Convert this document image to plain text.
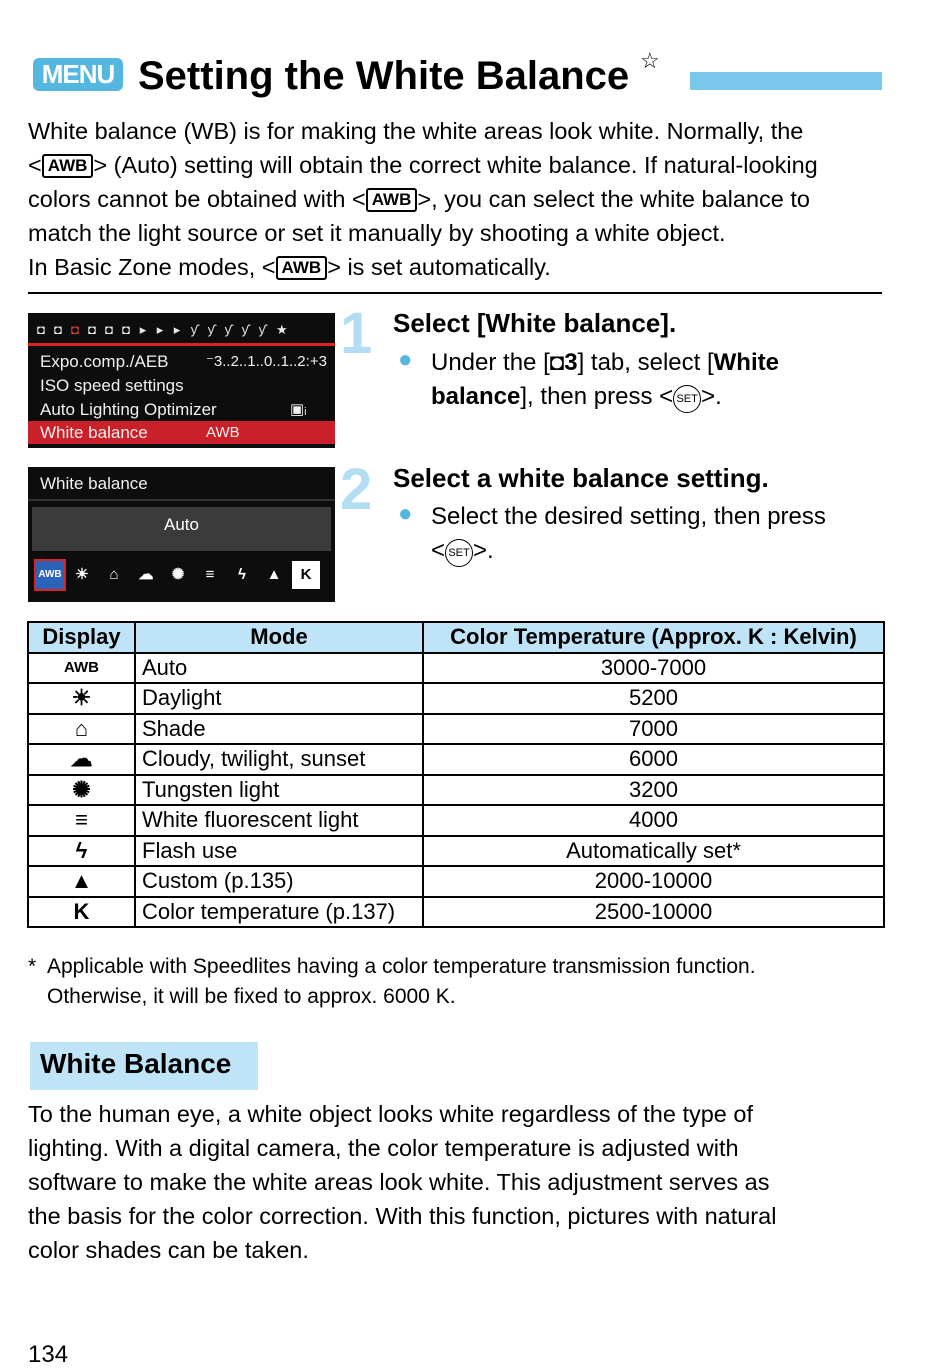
MENU Setting the White Balance ☆

White balance (WB) is for making the white areas look white. Normally, the

< AWB > (Auto) setting will obtain the correct white balance. If natural-looking

colors cannot be obtained with < AWB >, you can select the white balance to

match the light source or set it manually by shooting a white object.

In Basic Zone modes, < AWB > is set automatically.

◘ ◘ ◘ ◘ ◘ ◘ ▸ ▸ ▸ ƴ ƴ ƴ ƴ ƴ ★
Expo.comp./AEB ⁻3..2..1..0..1..2:+3
ISO speed settings
Auto Lighting Optimizer	▣ᵢ
White balance	AWB
White balance
Auto
AWB ☀	⌂	☁	✺	≡	ϟ	▲	K
1 Select [White balance].
● Under the [◘3] tab, select [White balance], then press < SET >.
2 Select a white balance setting.
● Select the desired setting, then press
< SET >.
Display	Mode	Color Temperature (Approx. K : Kelvin)
AWB	Auto	3000-7000
☀	Daylight	5200
⌂	Shade	7000
☁	Cloudy, twilight, sunset	6000
✺	Tungsten light	3200
≡	White fluorescent light	4000
ϟ	Flash use	Automatically set*
▲	Custom (p.135)	2000-10000
K	Color temperature (p.137)	2500-10000
* Applicable with Speedlites having a color temperature transmission function.
Otherwise, it will be fixed to approx. 6000 K.
White Balance

To the human eye, a white object looks white regardless of the type of

lighting. With a digital camera, the color temperature is adjusted with

software to make the white areas look white. This adjustment serves as

the basis for the color correction. With this function, pictures with natural

color shades can be taken.

134
